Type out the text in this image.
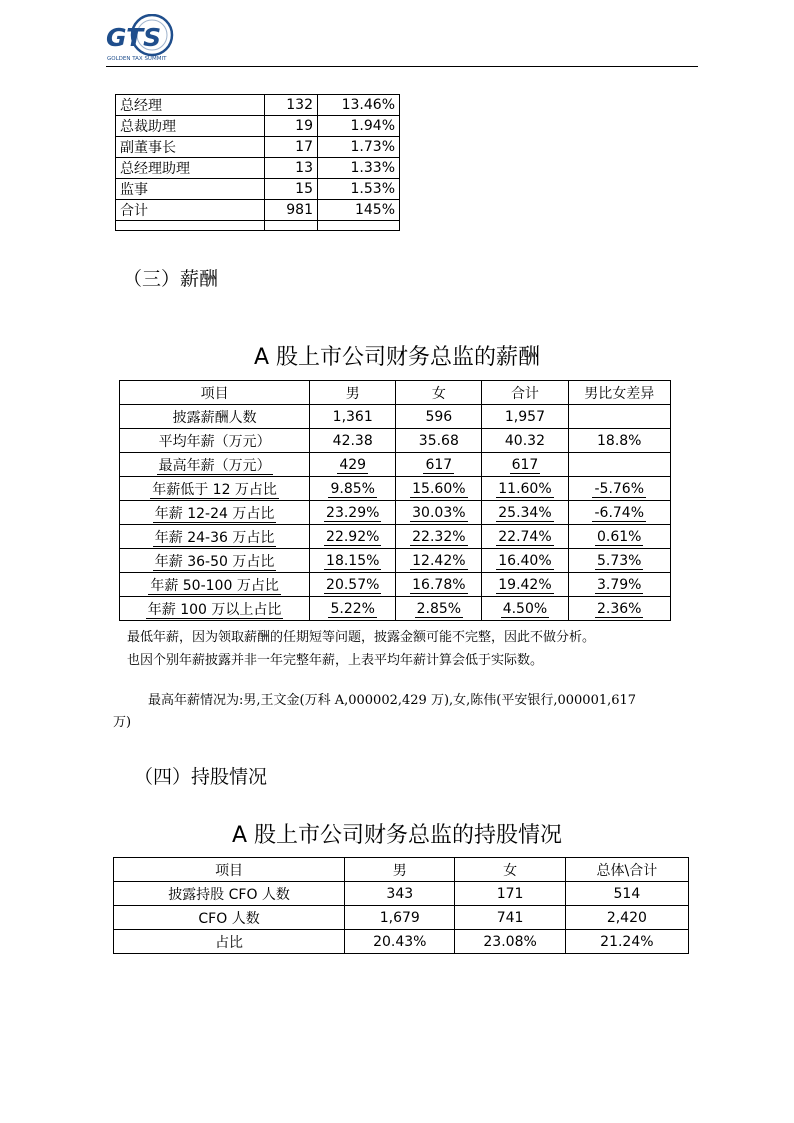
GTS
GOLDEN TAX SUMMIT
总经理	132	13.46%
总裁助理	19	1.94%
副董事长	17	1.73%
总经理助理	13	1.33%
监事	15	1.53%
合计	981	145%

（三）薪酬
A 股上市公司财务总监的薪酬
项目	男	女	合计	男比女差异
披露薪酬人数	1,361	596	1,957	
平均年薪（万元）	42.38	35.68	40.32	18.8%
最高年薪（万元）	429	617	617	
年薪低于 12 万占比	9.85%	15.60%	11.60%	-5.76%
年薪 12-24 万占比	23.29%	30.03%	25.34%	-6.74%
年薪 24-36 万占比	22.92%	22.32%	22.74%	0.61%
年薪 36-50 万占比	18.15%	12.42%	16.40%	5.73%
年薪 50-100 万占比	20.57%	16.78%	19.42%	3.79%
年薪 100 万以上占比	5.22%	2.85%	4.50%	2.36%
最低年薪，因为领取薪酬的任期短等问题，披露金额可能不完整，因此不做分析。
也因个别年薪披露并非一年完整年薪，上表平均年薪计算会低于实际数。
最高年薪情况为:男,王文金(万科 A,000002,429 万),女,陈伟(平安银行,000001,617
万)
（四）持股情况
A 股上市公司财务总监的持股情况
项目	男	女	总体\合计
披露持股 CFO 人数	343	171	514
CFO 人数	1,679	741	2,420
占比	20.43%	23.08%	21.24%
